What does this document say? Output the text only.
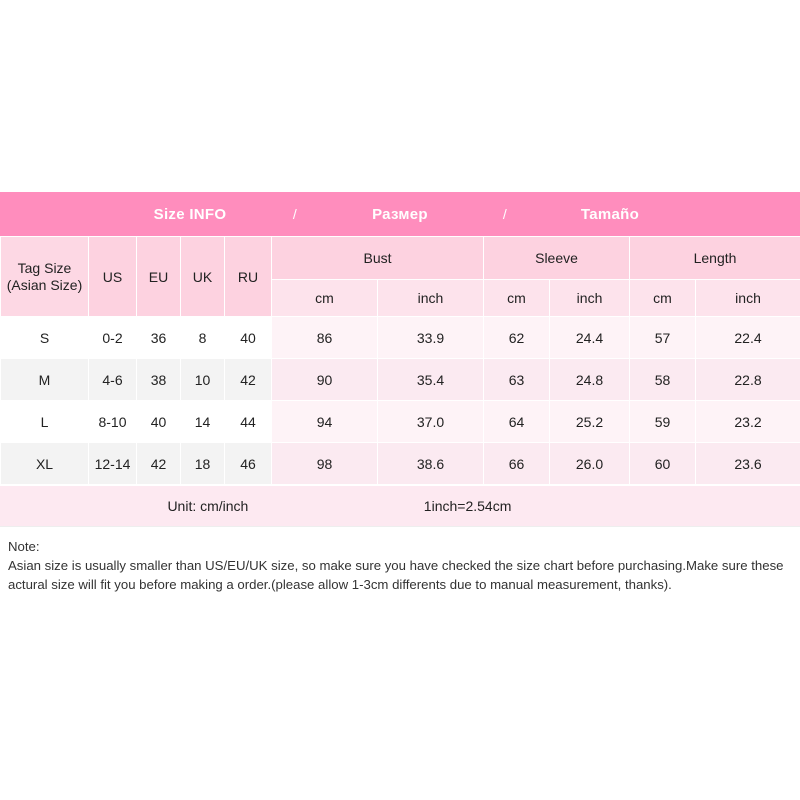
Size INFO	/	Размер	/	Tamaño
Tag Size
(Asian Size)	US	EU	UK	RU	Bust		Sleeve		Length	
					cm	inch	cm	inch	cm	inch
S	0-2	36	8	40	86	33.9	62	24.4	57	22.4
M	4-6	38	10	42	90	35.4	63	24.8	58	22.8
L	8-10	40	14	44	94	37.0	64	25.2	59	23.2
XL	12-14	42	18	46	98	38.6	66	26.0	60	23.6
Unit: cm/inch	1inch=2.54cm
Note:
Asian size is usually smaller than US/EU/UK size, so make sure you have checked the size chart before purchasing.Make sure these actural size will fit you before making a order.(please allow 1-3cm differents due to manual measurement, thanks).
